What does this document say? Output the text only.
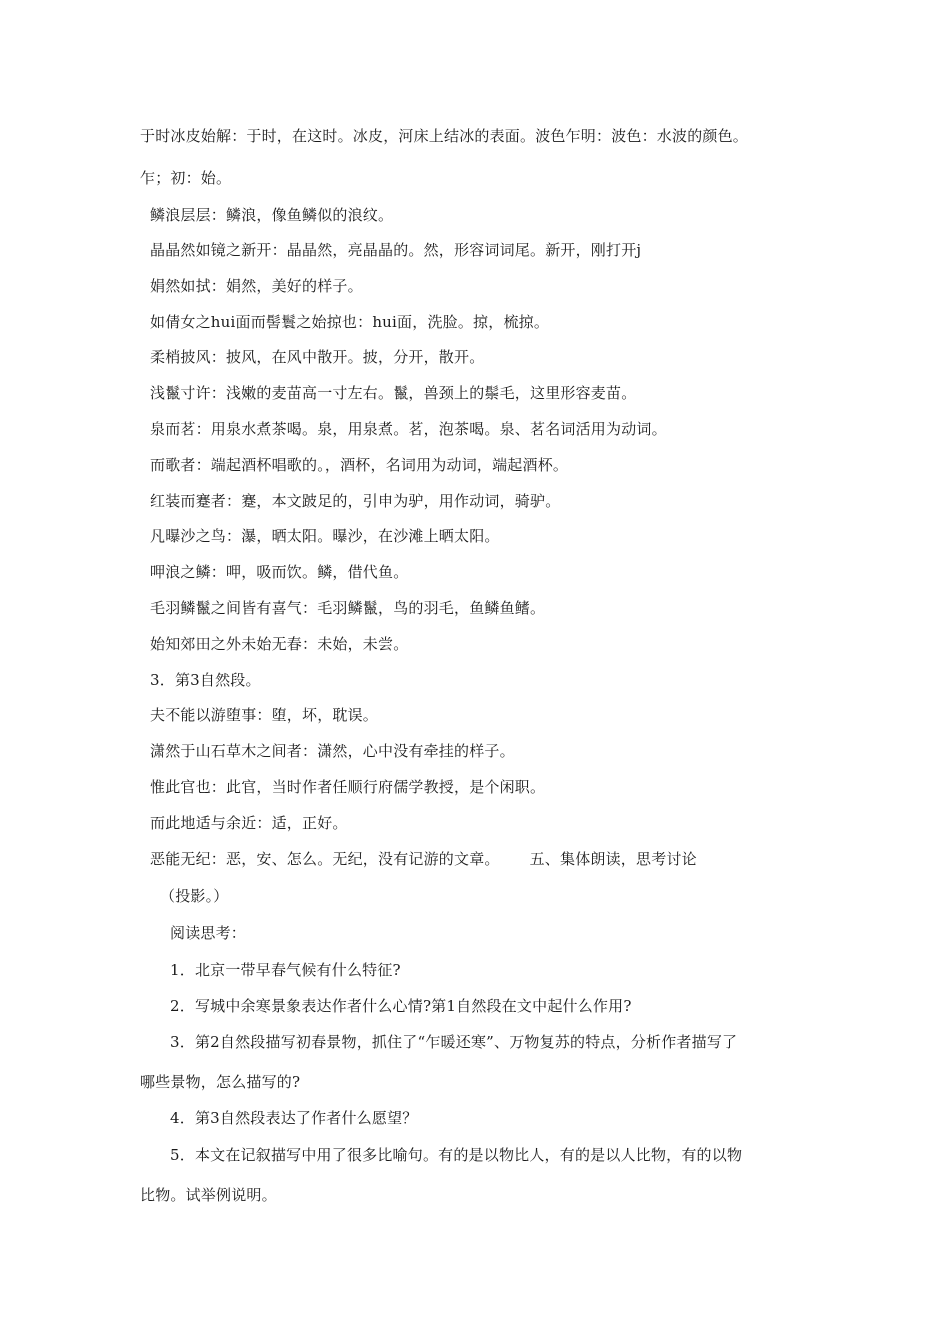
于时冰皮始解：于时，在这时。冰皮，河床上结冰的表面。波色乍明：波色：水波的颜色。
乍；初：始。
鳞浪层层：鳞浪，像鱼鳞似的浪纹。
晶晶然如镜之新开：晶晶然，亮晶晶的。然，形容词词尾。新开，刚打开j
娟然如拭：娟然，美好的样子。
如倩女之hui面而髻鬟之始掠也：hui面，洗脸。掠，梳掠。
柔梢披风：披风，在风中散开。披，分开，散开。
浅鬣寸许：浅嫩的麦苗高一寸左右。鬣，兽颈上的鬃毛，这里形容麦苗。
泉而茗：用泉水煮茶喝。泉，用泉煮。茗，泡茶喝。泉、茗名词活用为动词。
而歌者：端起酒杯唱歌的。，酒杯，名词用为动词，端起酒杯。
红装而蹇者：蹇，本文跛足的，引申为驴，用作动词，骑驴。
凡曝沙之鸟：瀑，晒太阳。曝沙，在沙滩上晒太阳。
呷浪之鳞：呷，吸而饮。鳞，借代鱼。
毛羽鳞鬣之间皆有喜气：毛羽鳞鬣，鸟的羽毛，鱼鳞鱼鳍。
始知郊田之外未始无春：未始，未尝。
3．第3自然段。
夫不能以游堕事：堕，坏，耽误。
潇然于山石草木之间者：潇然，心中没有牵挂的样子。
惟此官也：此官，当时作者任顺行府儒学教授，是个闲职。
而此地适与余近：适，正好。
恶能无纪：恶，安、怎么。无纪，没有记游的文章。 五、集体朗读，思考讨论
（投影。）
阅读思考：
1．北京一带早春气候有什么特征?
2．写城中余寒景象表达作者什么心情?第1自然段在文中起什么作用?
3．第2自然段描写初春景物，抓住了“乍暖还寒”、万物复苏的特点，分析作者描写了
哪些景物，怎么描写的?
4．第3自然段表达了作者什么愿望？
5．本文在记叙描写中用了很多比喻句。有的是以物比人，有的是以人比物，有的以物
比物。试举例说明。
